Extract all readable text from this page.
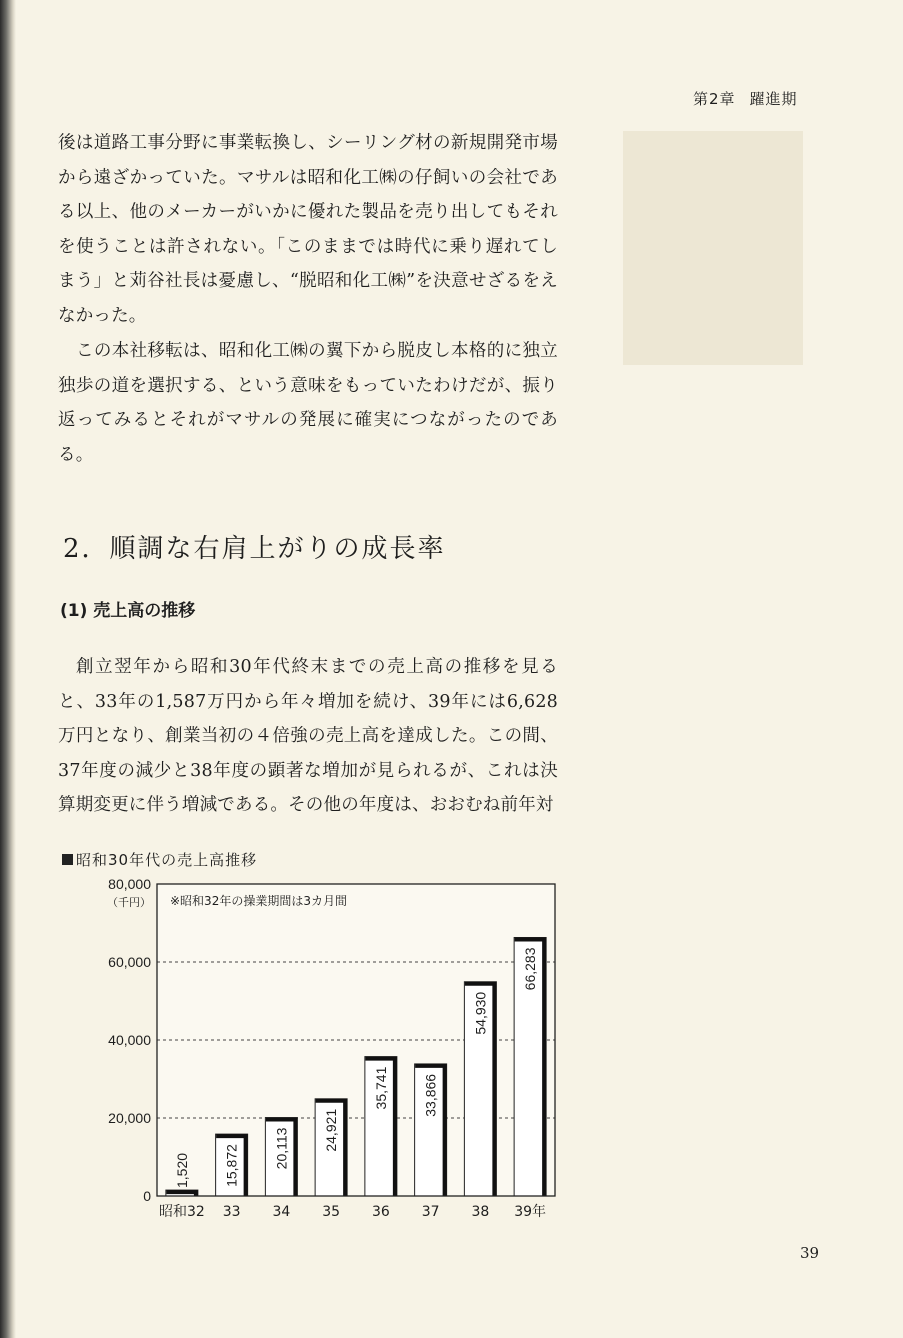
第2章 躍進期

後は道路工事分野に事業転換し、シーリング材の新規開発市場から遠ざかっていた。マサルは昭和化工㈱の仔飼いの会社である以上、他のメーカーがいかに優れた製品を売り出してもそれを使うことは許されない。「このままでは時代に乗り遅れてしまう」と苅谷社長は憂慮し、“脱昭和化工㈱”を決意せざるをえなかった。

この本社移転は、昭和化工㈱の翼下から脱皮し本格的に独立独歩の道を選択する、という意味をもっていたわけだが、振り返ってみるとそれがマサルの発展に確実につながったのである。

2．順調な右肩上がりの成長率
(1) 売上高の推移

創立翌年から昭和30年代終末までの売上高の推移を見ると、33年の1,587万円から年々増加を続け、39年には6,628万円となり、創業当初の４倍強の売上高を達成した。この間、37年度の減少と38年度の顕著な増加が見られるが、これは決算期変更に伴う増減である。その他の年度は、おおむね前年対

昭和30年代の売上高推移
0
20,000
40,000
60,000
80,000
（千円） ※昭和32年の操業期間は3カ月間
1,520
昭和32
15,872
33
20,113
34
24,921
35
35,741
36
33,866
37
54,930
38
66,283
39年
39
